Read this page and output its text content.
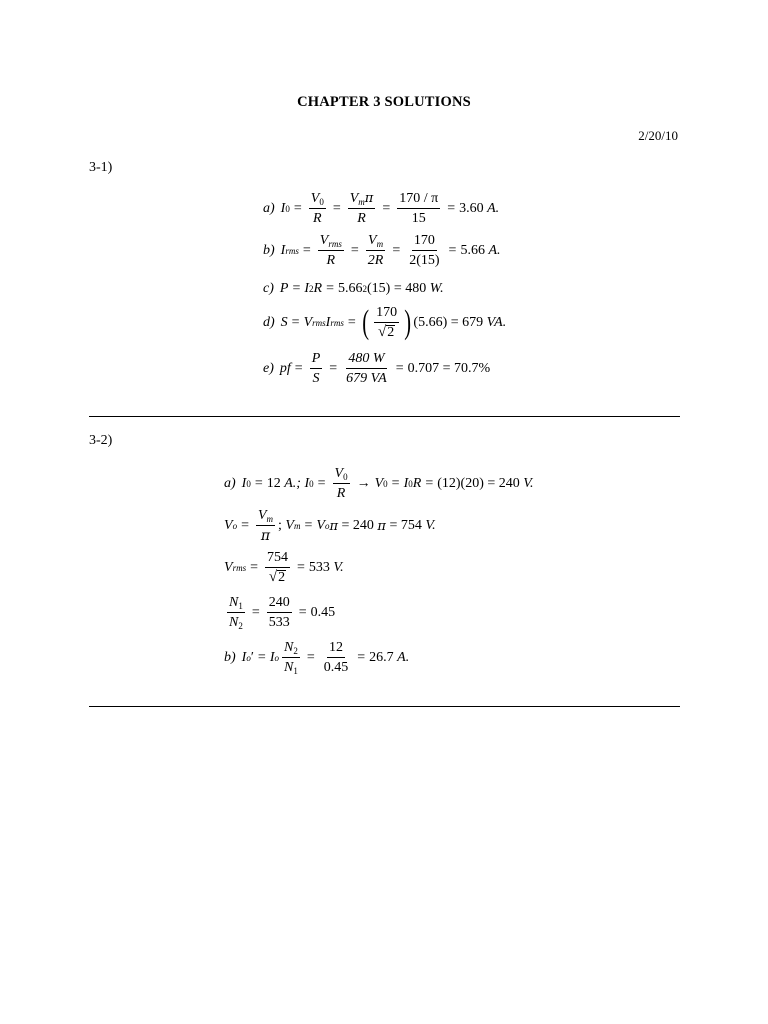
CHAPTER 3 SOLUTIONS
2/20/10
3-1)
a) I $0 = \frac{V_0}{R} = \frac{V_m\pi}{R} = \frac{170 / \pi}{15} = 3.60$
A.
b) I rms = $\frac{V_{rms}}{R} = \frac{V_m}{2R} = \frac{170}{2(15)} = 5.66$
A.
c) P = I 2 R = 5.66 2 (15) = 480
W.
d) S = V rms I rms = ( $\frac{170}{√ 2}$ ) (5.66) = 679
VA.
e) pf = $\frac{P}{S} = \frac{480 W}{679 VA} = 0.707 = 70.7\%$
3-2)
a) I 0 = 12
A.;
I $0 = \frac{V_0}{R} \to V$ 0 = I 0 R = (12)(20) = 240
V.
V $o = \frac{V_m}{\pi}$ ;
V m = V o π
= 240
π
= 754
V.
V rms = $\frac{754}{√ 2} = 533$
V.
$\frac{N_1}{N_2} = \frac{240}{533} = 0.45$
b) I o ′ = I o $\frac{N_2}{N_1} = \frac{12}{0.45} = 26.7$
A.
